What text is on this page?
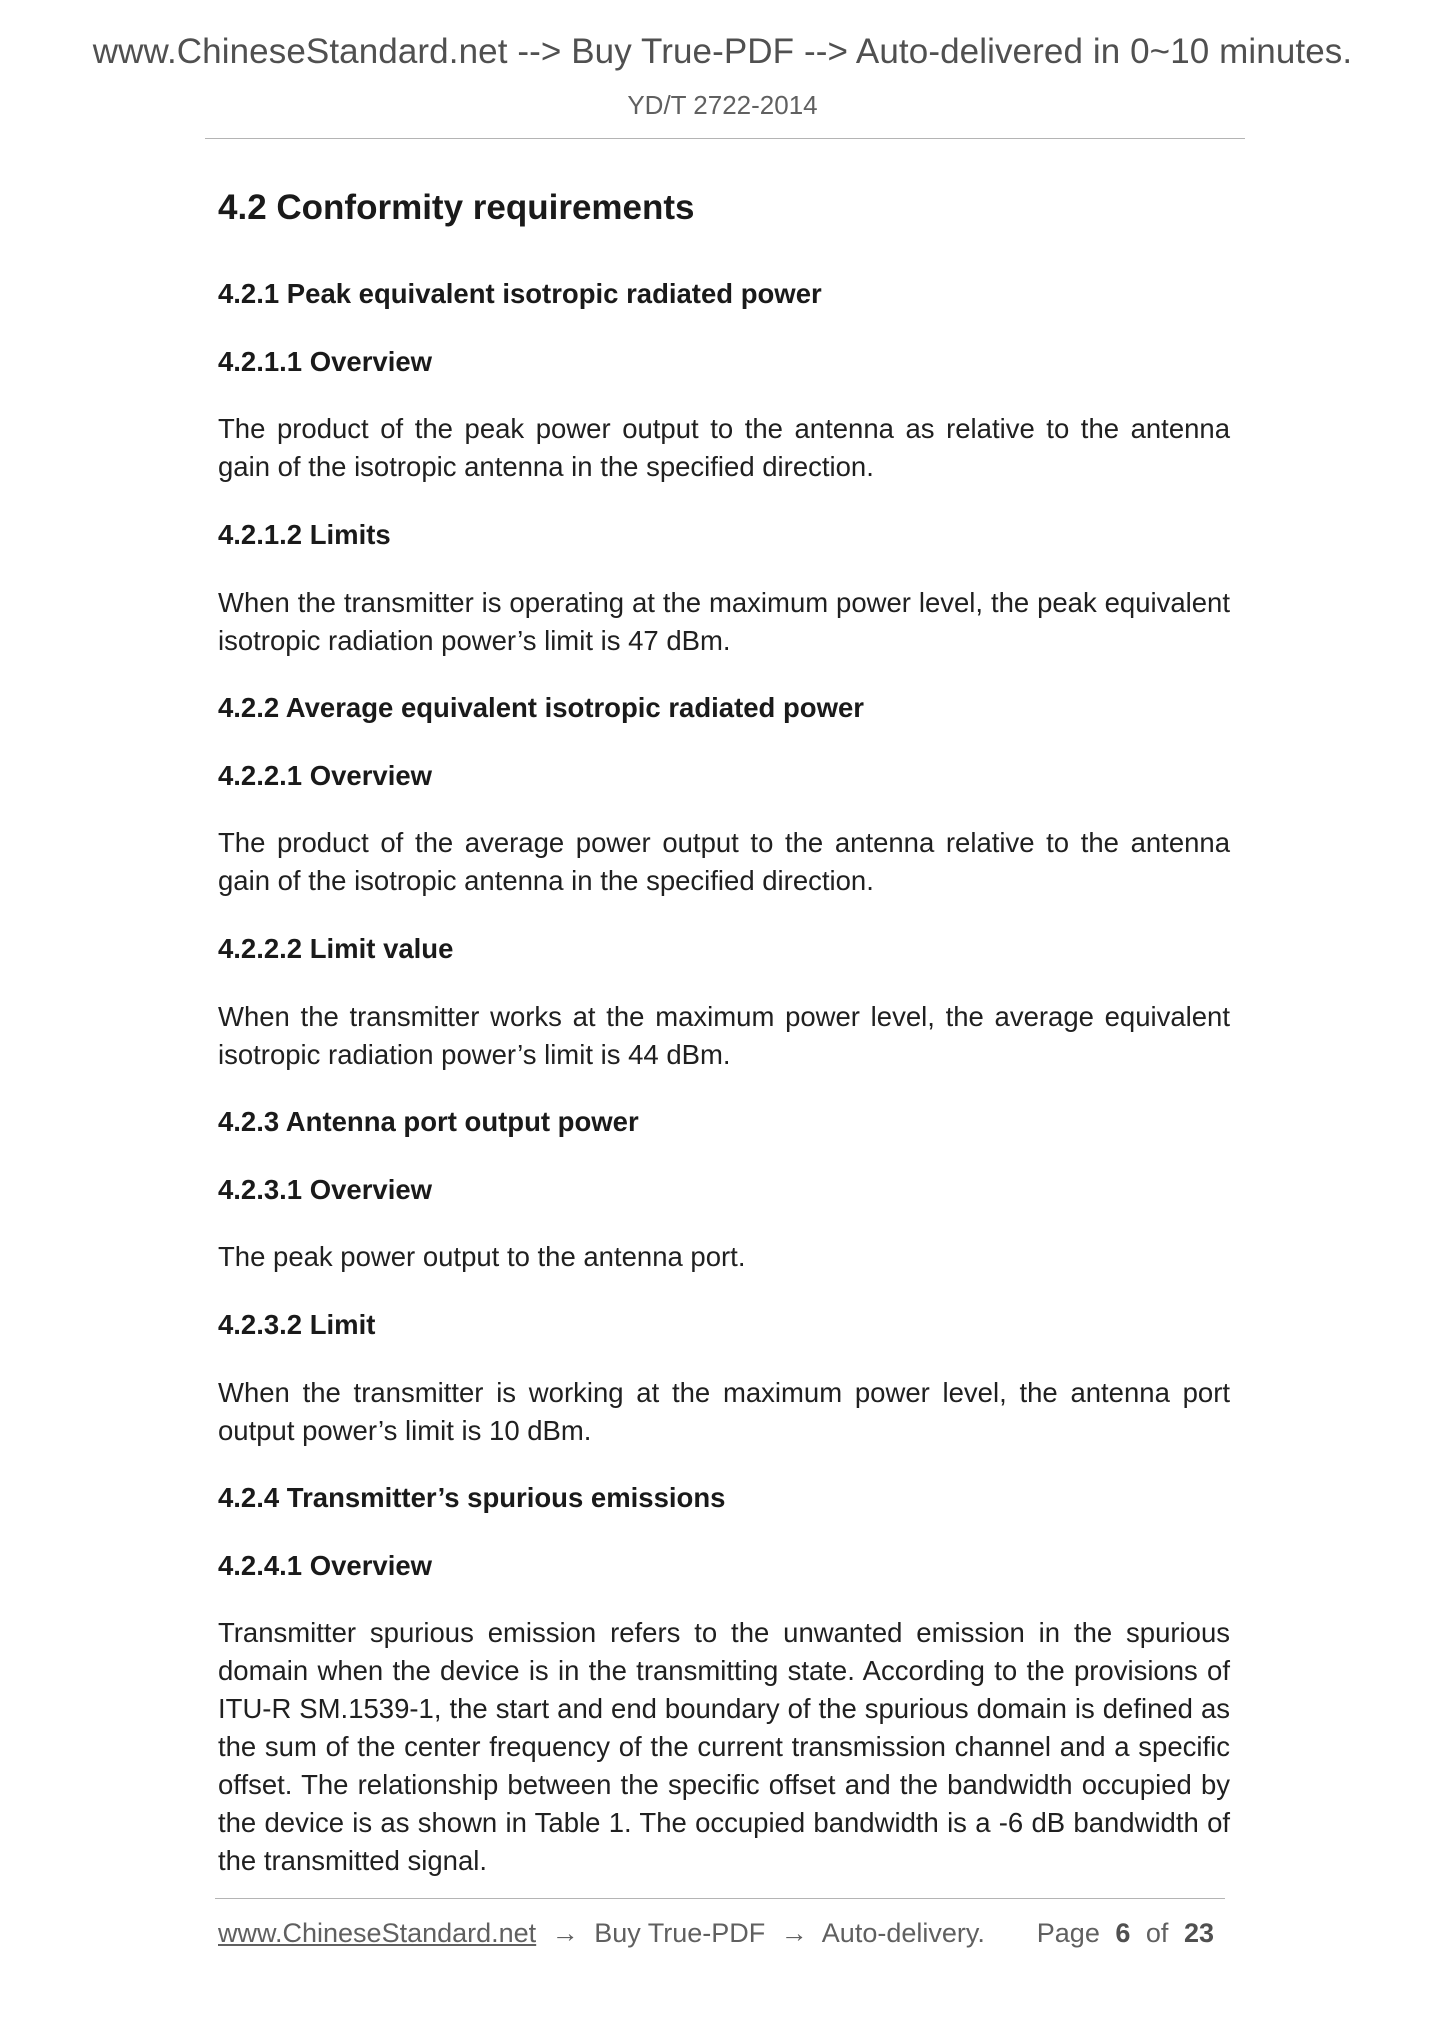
www.ChineseStandard.net --> Buy True-PDF --> Auto-delivered in 0~10 minutes.
YD/T 2722-2014
4.2 Conformity requirements
4.2.1 Peak equivalent isotropic radiated power
4.2.1.1 Overview

The product of the peak power output to the antenna as relative to the antenna gain of the isotropic antenna in the specified direction.

4.2.1.2 Limits

When the transmitter is operating at the maximum power level, the peak equivalent isotropic radiation power’s limit is 47 dBm.

4.2.2 Average equivalent isotropic radiated power
4.2.2.1 Overview

The product of the average power output to the antenna relative to the antenna gain of the isotropic antenna in the specified direction.

4.2.2.2 Limit value

When the transmitter works at the maximum power level, the average equivalent isotropic radiation power’s limit is 44 dBm.

4.2.3 Antenna port output power
4.2.3.1 Overview

The peak power output to the antenna port.

4.2.3.2 Limit

When the transmitter is working at the maximum power level, the antenna port output power’s limit is 10 dBm.

4.2.4 Transmitter’s spurious emissions
4.2.4.1 Overview

Transmitter spurious emission refers to the unwanted emission in the spurious domain when the device is in the transmitting state. According to the provisions of ITU-R SM.1539-1, the start and end boundary of the spurious domain is defined as the sum of the center frequency of the current transmission channel and a specific offset. The relationship between the specific offset and the bandwidth occupied by the device is as shown in Table 1. The occupied bandwidth is a -6 dB bandwidth of the transmitted signal.

www.ChineseStandard.net → Buy True-PDF → Auto-delivery. Page 6 of 23
